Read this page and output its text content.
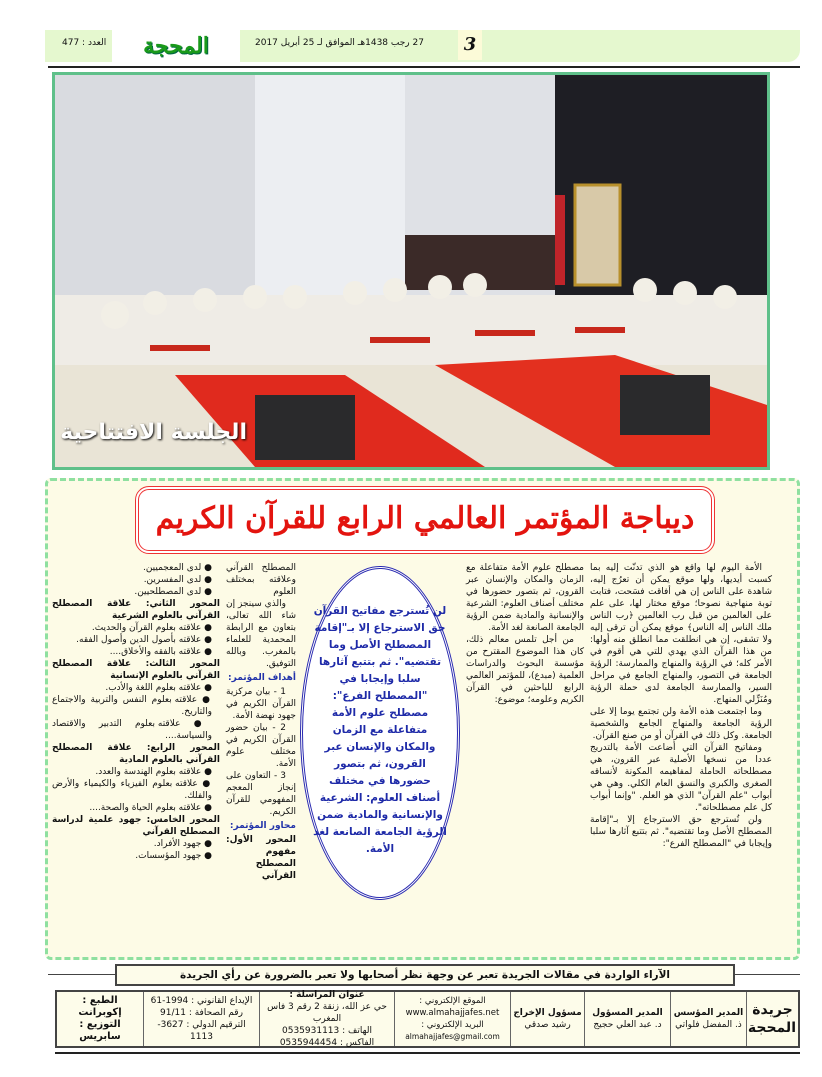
العدد : 477	المحجة	27 رجب 1438هـ الموافق لـ 25 أبريل 2017	3
الجلسة الافتتاحية
ديباجة المؤتمر العالمي الرابع للقرآن الكريم

الأمة اليوم لها واقع هو الذي تدنّت إليه بما كسبت أيديها، ولها موقع يمكن أن تعرُج إليه، شاهدة على الناس إن هي أفاقت فسَحت، فتابت توبة منهاجية نصوحا؛ موقع مختار لها، على علم على العالمين من قبل رب العالمين ﴿رب الناس ملك الناس إله الناس﴾ موقع يمكن أن ترقى إليه ولا تشقى، إن هي انطلقت مما انطلق منه أولها: من هذا القرآن الذي يهدي للتي هي أقوم في الأمر كله؛ في الرؤية والمنهاج والممارسة: الرؤية الجامعة في التصور، والمنهاج الجامع في مراحل السير، والممارسة الجامعة لدى حملة الرؤية ومُنَزِّلي المنهاج.

وما اجتمعت هذه الأمة ولن تجتمع يوما إلا على الرؤية الجامعة والمنهاج الجامع والشخصية الجامعة. وكل ذلك في القرآن أو من صنع القرآن.

ومفاتيح القرآن التي أضاعت الأمة بالتدريج عددا من نسخها الأصلية عبر القرون، هي مصطلحاته الحاملة لمفاهيمه المكونة لأنساقه الصغرى والكبرى والنسق العام الكلي. وهي هي أبواب "علم القرآن" الذي هو العلم. "وإنما أبواب كل علم مصطلحاته".

ولن تُسترجع حق الاسترجاع إلا بـ"إقامة المصطلح الأصل وما تقتضيه". ثم بتتبع آثارها سلبا وإيجابا في "المصطلح الفرع":

مصطلح علوم الأمة متفاعلة مع الزمان والمكان والإنسان عبر القرون، ثم بتصور حضورها في مختلف أصناف العلوم: الشرعية والإنسانية والمادية ضمن الرؤية الجامعة الصانعة لغد الأمة.

من أجل تلمس معالم ذلك، كان هذا الموضوع المقترح من مؤسسة البحوث والدراسات العلمية (مبدع)، للمؤتمر العالمي الرابع للباحثين في القرآن الكريم وعلومه؛ موضوع:

لن تُسترجع مفاتيح القرآن حق الاسترجاع إلا بـ"إقامة المصطلح الأصل وما تقتضيه". ثم بتتبع آثارها سلبا وإيجابا في "المصطلح الفرع": مصطلح علوم الأمة متفاعلة مع الزمان والمكان والإنسان عبر القرون، ثم بتصور حضورها في مختلف أصناف العلوم: الشرعية والإنسانية والمادية ضمن الرؤية الجامعة الصانعة لغد الأمة.

المصطلح القرآني وعلاقته بمختلف العلوم

والذي سينجز إن شاء الله تعالى، بتعاون مع الرابطة المحمدية للعلماء بالمغرب. وبالله التوفيق.

أهداف المؤتمر:

1 - بيان مركزية القرآن الكريم في جهود نهضة الأمة.

2 - بيان حضور القرآن الكريم في مختلف علوم الأمة.

3 - التعاون على إنجاز المعجم المفهومي للقرآن الكريم.

محاور المؤتمر:

المحور الأول: مفهوم المصطلح القرآني

● لدى المعجميين.
● لدى المفسرين.
● لدى المصطلحيين.

المحور الثاني: علاقة المصطلح القرآني بالعلوم الشرعية

● علاقته بعلوم القرآن والحديث.
● علاقته بأصول الدين وأصول الفقه.
● علاقته بالفقه والأخلاق....

المحور الثالث: علاقة المصطلح القرآني بالعلوم الإنسانية

● علاقته بعلوم اللغة والأدب.
● علاقته بعلوم النفس والتربية والاجتماع والتاريخ.
● علاقته بعلوم التدبير والاقتصاد والسياسة....

المحور الرابع: علاقة المصطلح القرآني بالعلوم المادية

● علاقته بعلوم الهندسة والعدد.
● علاقته بعلوم الفيزياء والكيمياء والأرض والفلك.
● علاقته بعلوم الحياة والصحة....

المحور الخامس: جهود علمية لدراسة المصطلح القرآني

● جهود الأفراد.
● جهود المؤسسات.
الآراء الواردة في مقالات الجريدة تعبر عن وجهة نظر أصحابها ولا تعبر بالضرورة عن رأي الجريدة
جريدة المحجة
المدير المؤسس
ذ. المفضل فلواتي
المدير المسؤول
د. عبد العلي حجيج
مسؤول الإخراج
رشيد صدقي
الموقع الإلكتروني :
www.almahajjafes.net
البريد الإلكتروني :
almahajjafes@gmail.com
عنوان المراسلة :
حي عز الله، زنقة 2 رقم 3 فاس المغرب
الهاتف : 0535931113
الفاكس : 0535944454
الإيداع القانوني : 1994-61
رقم الصحافة : 91/11
الترقيم الدولي : 3627-1113
الطبع : إكوبرانت
التوزيع : سابريس
